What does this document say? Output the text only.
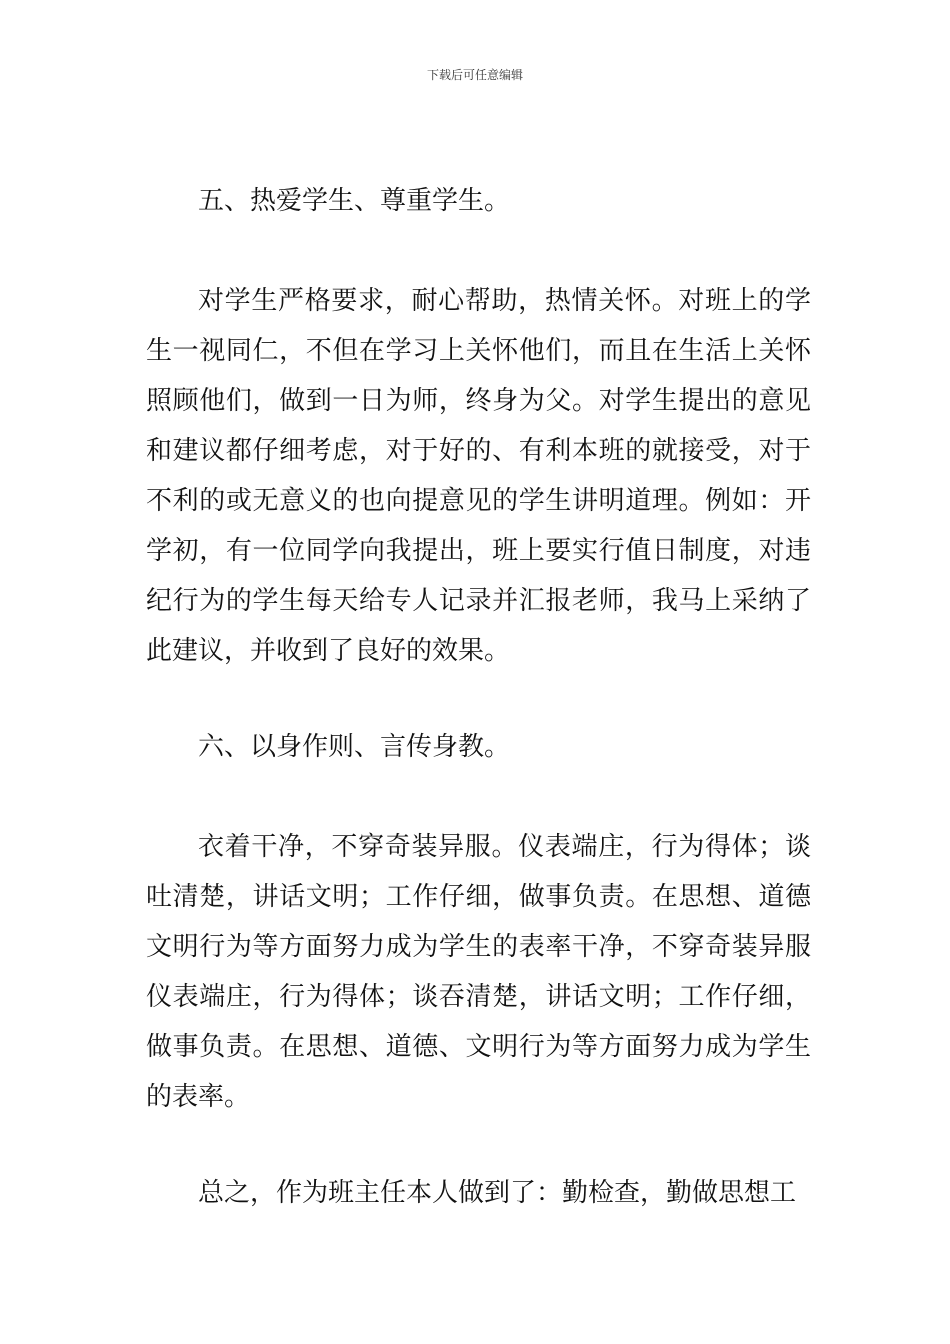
下载后可任意编辑

五、热爱学生、尊重学生。

对学生严格要求，耐心帮助，热情关怀。对班上的学生一视同仁，不但在学习上关怀他们，而且在生活上关怀照顾他们，做到一日为师，终身为父。对学生提出的意见和建议都仔细考虑，对于好的、有利本班的就接受，对于不利的或无意义的也向提意见的学生讲明道理。例如：开学初，有一位同学向我提出，班上要实行值日制度，对违纪行为的学生每天给专人记录并汇报老师，我马上采纳了此建议，并收到了良好的效果。

六、以身作则、言传身教。

衣着干净，不穿奇装异服。仪表端庄，行为得体；谈吐清楚，讲话文明；工作仔细，做事负责。在思想、道德文明行为等方面努力成为学生的表率干净，不穿奇装异服仪表端庄，行为得体；谈吞清楚，讲话文明；工作仔细，做事负责。在思想、道德、文明行为等方面努力成为学生的表率。

总之，作为班主任本人做到了：勤检查，勤做思想工
